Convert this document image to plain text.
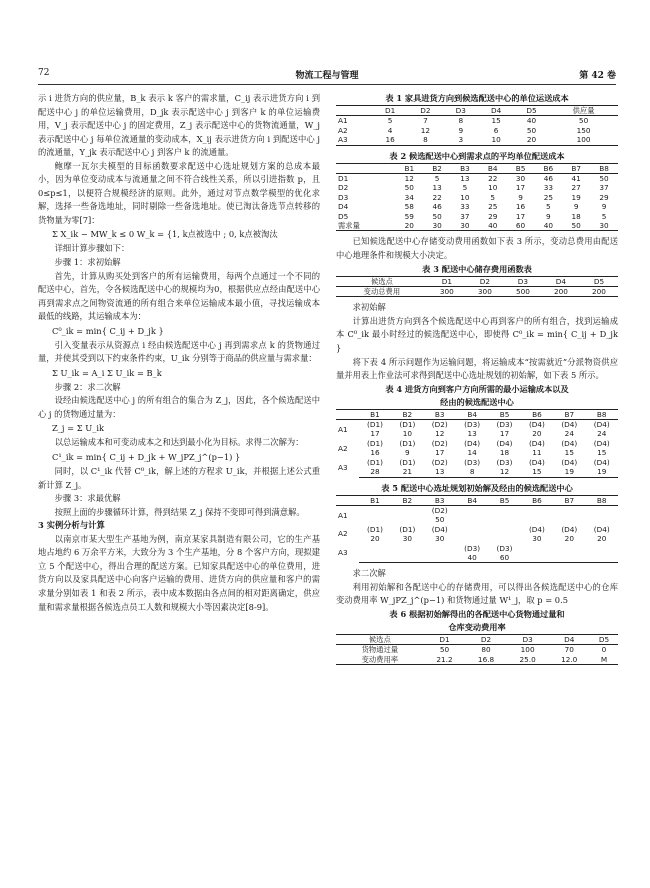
72	物流工程与管理	第 42 卷

示 i 进货方向的供应量，B_k 表示 k 客户的需求量，C_ij 表示进货方向 i 到配送中心 j 的单位运输费用，D_jk 表示配送中心 j 到客户 k 的单位运输费用，V_j 表示配送中心 j 的固定费用，Z_j 表示配送中心的货物流通量，W_j 表示配送中心 j 每单位流通量的变动成本，X_ij 表示进货方向 i 到配送中心 j 的流通量，Y_jk 表示配送中心 j 到客户 k 的流通量。

鲍摩一瓦尔夫模型的目标函数要求配送中心选址规划方案的总成本最小，因为单位变动成本与流通量之间不符合线性关系，所以引进指数 p，且 0≤p≤1，以便符合规模经济的原则。此外，通过对节点数学模型的优化求解，选择一些备选地址，同时剔除一些备选地址。使已淘汰备选节点转移的货物量为零[7]：

Σ X_ik − MW_k ≤ 0 W_k = {1, k点被选中 ; 0, k点被淘汰

详细计算步骤如下：

步骤 1：求初始解

首先，计算从购买处到客户的所有运输费用，每两个点通过一个不同的配送中心，首先，令各候选配送中心的规模均为0，根据供应点经由配送中心再到需求点之间物资流通的所有组合来单位运输成本最小值，寻找运输成本最低的线路，其运输成本为：

C⁰_ik = min{ C_ij + D_jk }

引入变量表示从资源点 i 经由候选配送中心 j 再到需求点 k 的货物通过量，并使其受到以下约束条件约束，U_ik 分别等于商品的供应量与需求量：

Σ U_ik = A_i Σ U_ik = B_k

步骤 2：求二次解

设经由候选配送中心 j 的所有组合的集合为 Z_j，因此，各个候选配送中心 j 的货物通过量为：

Z_j = Σ U_ik

以总运输成本和可变动成本之和达到最小化为目标。求得二次解为：

C¹_ik = min{ C_ij + D_jk + W_jPZ_j^(p−1) }

同时，以 C¹_ik 代替 C⁰_ik，解上述的方程求 U_ik，并根据上述公式重新计算 Z_j。

步骤 3：求最优解

按照上面的步骤循环计算，得到结果 Z_j 保持不变即可得到满意解。

3 实例分析与计算

以南京市某大型生产基地为例，南京某家具制造有限公司，它的生产基地占地约 6 万余平方米，大致分为 3 个生产基地，分 8 个客户方向，现拟建立 5 个配送中心，得出合理的配送方案。已知家具配送中心的单位费用，进货方向以及家具配送中心向客户运输的费用、进货方向的供应量和客户的需求量分别如表 1 和表 2 所示，表中成本数据由各点间的相对距离确定，供应量和需求量根据各候选点员工人数和规模大小等因素决定[8-9]。

表 1 家具进货方向到候选配送中心的单位运送成本

	D1	D2	D3	D4	D5	供应量
A1	5	7	8	15	40	50
A2	4	12	9	6	50	150
A3	16	8	3	10	20	100

表 2 候选配送中心到需求点的平均单位配送成本

	B1	B2	B3	B4	B5	B6	B7	B8
D1	12	5	13	22	30	46	41	50
D2	50	13	5	10	17	33	27	37
D3	34	22	10	5	9	25	19	29
D4	58	46	33	25	16	5	9	9
D5	59	50	37	29	17	9	18	5
需求量	20	30	30	40	60	40	50	30

已知候选配送中心存储变动费用函数如下表 3 所示，变动总费用由配送中心地理条件和规模大小决定。

表 3 配送中心储存费用函数表

候选点	D1	D2	D3	D4	D5
变动总费用	300	300	500	200	200

求初始解

计算出进货方向到各个候选配送中心再到客户的所有组合，找到运输成本 C⁰_ik 最小时经过的候选配送中心，即使得 C⁰_ik = min{ C_ij + D_jk }

将下表 4 所示问题作为运输问题，将运输成本“按需就近”分派物资供应量并用表上作业法可求得到配送中心选址规划的初始解，如下表 5 所示。

表 4 进货方向到客户方向所需的最小运输成本以及

经由的候选配送中心

	B1	B2	B3	B4	B5	B6	B7	B8
A1	(D1)	(D1)	(D2)	(D3)	(D3)	(D4)	(D4)	(D4)
	17	10	12	13	17	20	24	24
A2	(D1)	(D1)	(D2)	(D4)	(D4)	(D4)	(D4)	(D4)
	16	9	17	14	18	11	15	15
A3	(D1)	(D1)	(D2)	(D3)	(D3)	(D4)	(D4)	(D4)
	28	21	13	8	12	15	19	19

表 5 配送中心选址规划初始解及经由的候选配送中心

	B1	B2	B3	B4	B5	B6	B7	B8
A1			(D2)					
			50					
A2	(D1)	(D1)	(D4)			(D4)	(D4)	(D4)
	20	30	30			30	20	20
A3				(D3)	(D3)			
				40	60			

求二次解

利用初始解和各配送中心的存储费用，可以得出各候选配送中心的仓库变动费用率 W_jPZ_j^(p−1) 和货物通过量 W¹_j，取 p = 0.5

表 6 根据初始解得出的各配送中心货物通过量和

仓库变动费用率

候选点	D1	D2	D3	D4	D5
货物通过量	50	80	100	70	0
变动费用率	21.2	16.8	25.0	12.0	M
